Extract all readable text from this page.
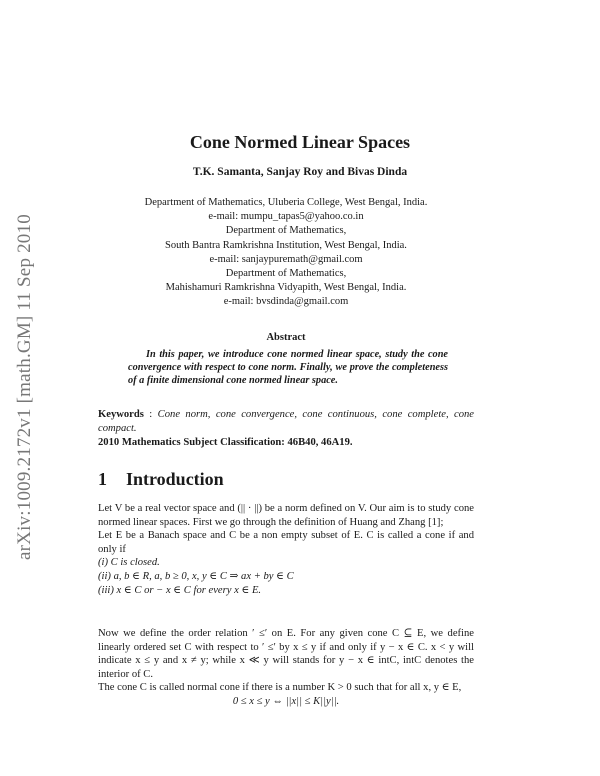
arXiv:1009.2172v1 [math.GM] 11 Sep 2010
Cone Normed Linear Spaces
T.K. Samanta, Sanjay Roy and Bivas Dinda
Department of Mathematics, Uluberia College, West Bengal, India.
e-mail: mumpu_tapas5@yahoo.co.in
Department of Mathematics,
South Bantra Ramkrishna Institution, West Bengal, India.
e-mail: sanjaypuremath@gmail.com
Department of Mathematics,
Mahishamuri Ramkrishna Vidyapith, West Bengal, India.
e-mail: bvsdinda@gmail.com
Abstract
In this paper, we introduce cone normed linear space, study the cone convergence with respect to cone norm. Finally, we prove the completeness of a finite dimensional cone normed linear space.
Keywords : Cone norm, cone convergence, cone continuous, cone complete, cone compact.
2010 Mathematics Subject Classification: 46B40, 46A19.
1 Introduction
Let V be a real vector space and (|| · ||) be a norm defined on V. Our aim is to study cone normed linear spaces. First we go through the definition of Huang and Zhang [1];
Let E be a Banach space and C be a non empty subset of E. C is called a cone if and only if
(i) C is closed.
(ii) a, b ∈ R, a, b ≥ 0, x, y ∈ C ⇒ ax + by ∈ C
(iii) x ∈ C or − x ∈ C for every x ∈ E.
Now we define the order relation ′ ≤′ on E. For any given cone C ⊆ E, we define linearly ordered set C with respect to ′ ≤′ by x ≤ y if and only if y − x ∈ C. x < y will indicate x ≤ y and x ≠ y; while x ≪ y will stands for y − x ∈ intC, intC denotes the interior of C.
The cone C is called normal cone if there is a number K > 0 such that for all x, y ∈ E,
0 ≤ x ≤ y ⇔ ||x|| ≤ K||y||.
